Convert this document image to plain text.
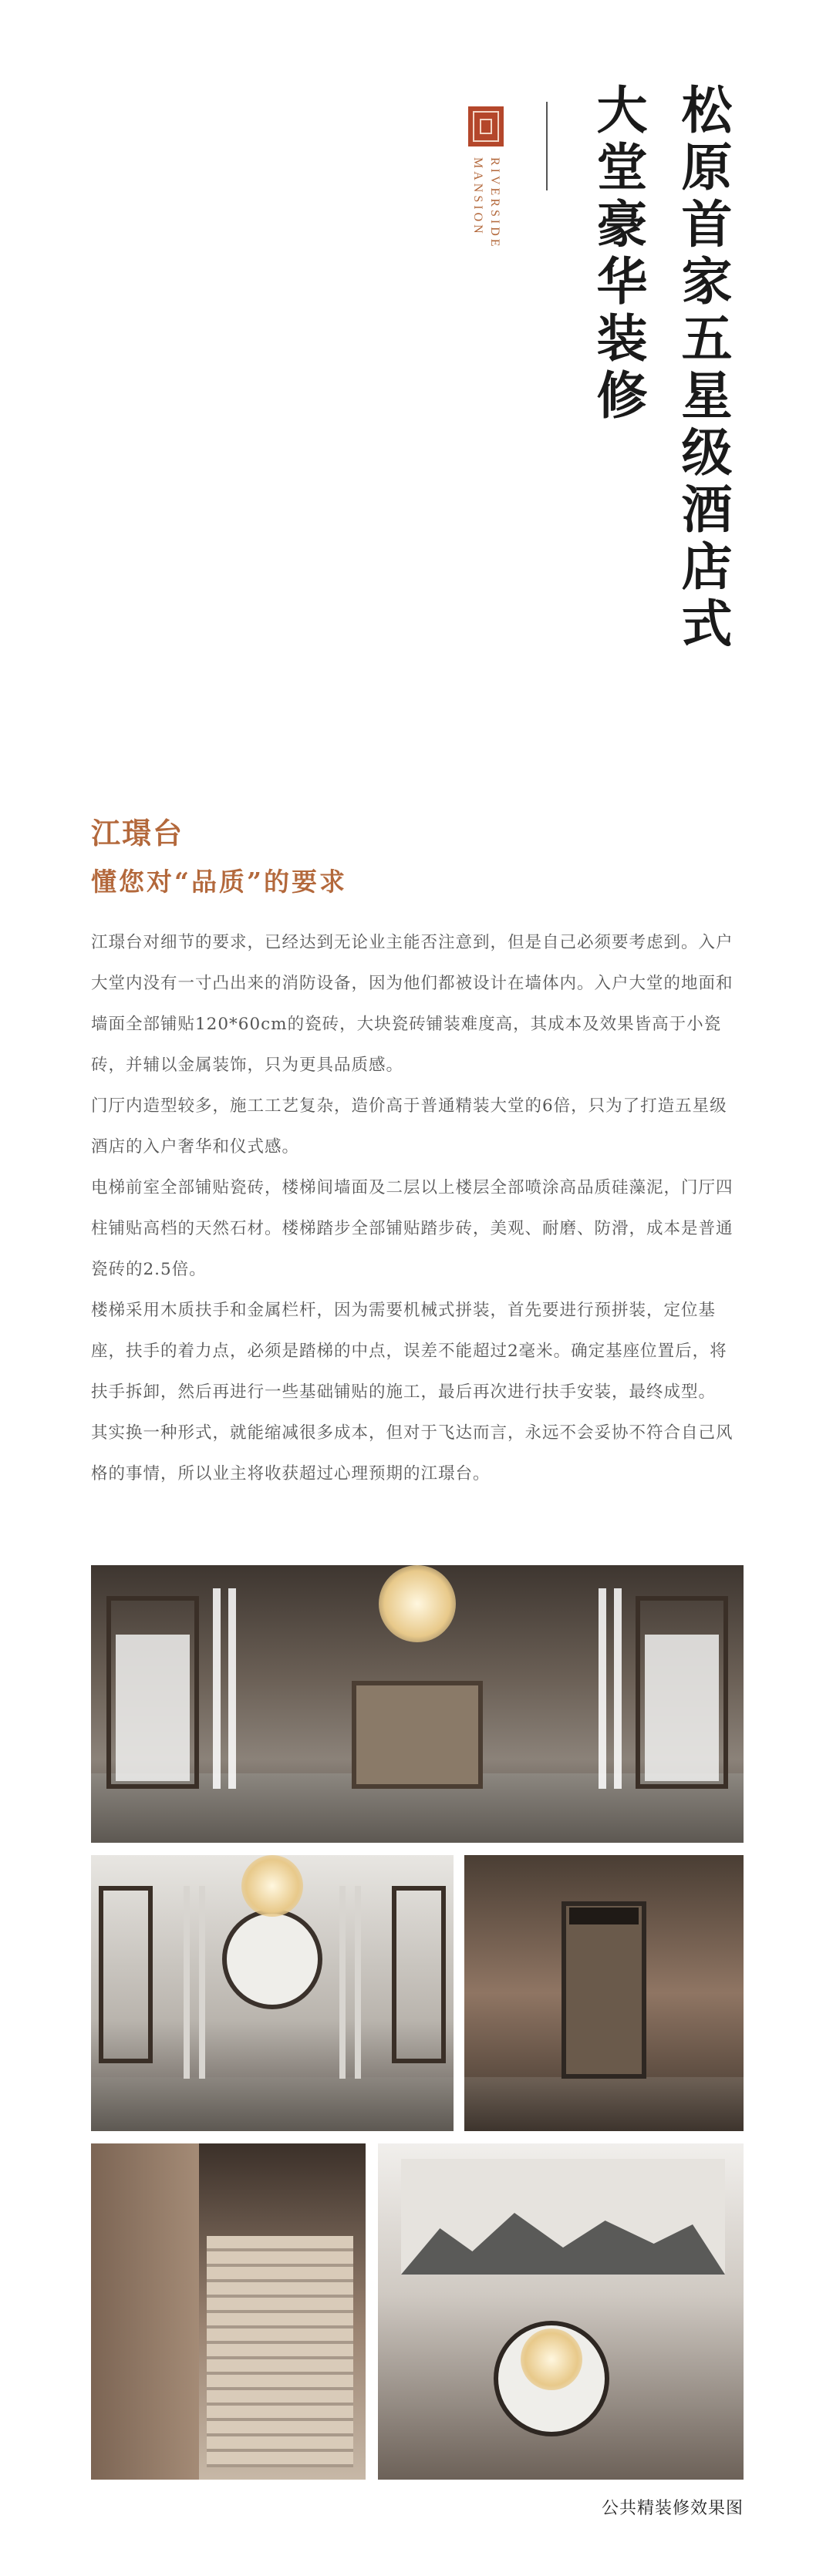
RIVERSIDE
MANSION 大堂豪华装修 松原首家五星级酒店式
江璟台
懂您对“品质”的要求

江璟台对细节的要求，已经达到无论业主能否注意到，但是自己必须要考虑到。入户大堂内没有一寸凸出来的消防设备，因为他们都被设计在墙体内。入户大堂的地面和墙面全部铺贴120*60cm的瓷砖，大块瓷砖铺装难度高，其成本及效果皆高于小瓷砖，并辅以金属装饰，只为更具品质感。

门厅内造型较多，施工工艺复杂，造价高于普通精装大堂的6倍，只为了打造五星级酒店的入户奢华和仪式感。

电梯前室全部铺贴瓷砖，楼梯间墙面及二层以上楼层全部喷涂高品质硅藻泥，门厅四柱铺贴高档的天然石材。楼梯踏步全部铺贴踏步砖，美观、耐磨、防滑，成本是普通瓷砖的2.5倍。

楼梯采用木质扶手和金属栏杆，因为需要机械式拼装，首先要进行预拼装，定位基座，扶手的着力点，必须是踏梯的中点，误差不能超过2毫米。确定基座位置后，将扶手拆卸，然后再进行一些基础铺贴的施工，最后再次进行扶手安装，最终成型。

其实换一种形式，就能缩减很多成本，但对于飞达而言，永远不会妥协不符合自己风格的事情，所以业主将收获超过心理预期的江璟台。

公共精装修效果图
